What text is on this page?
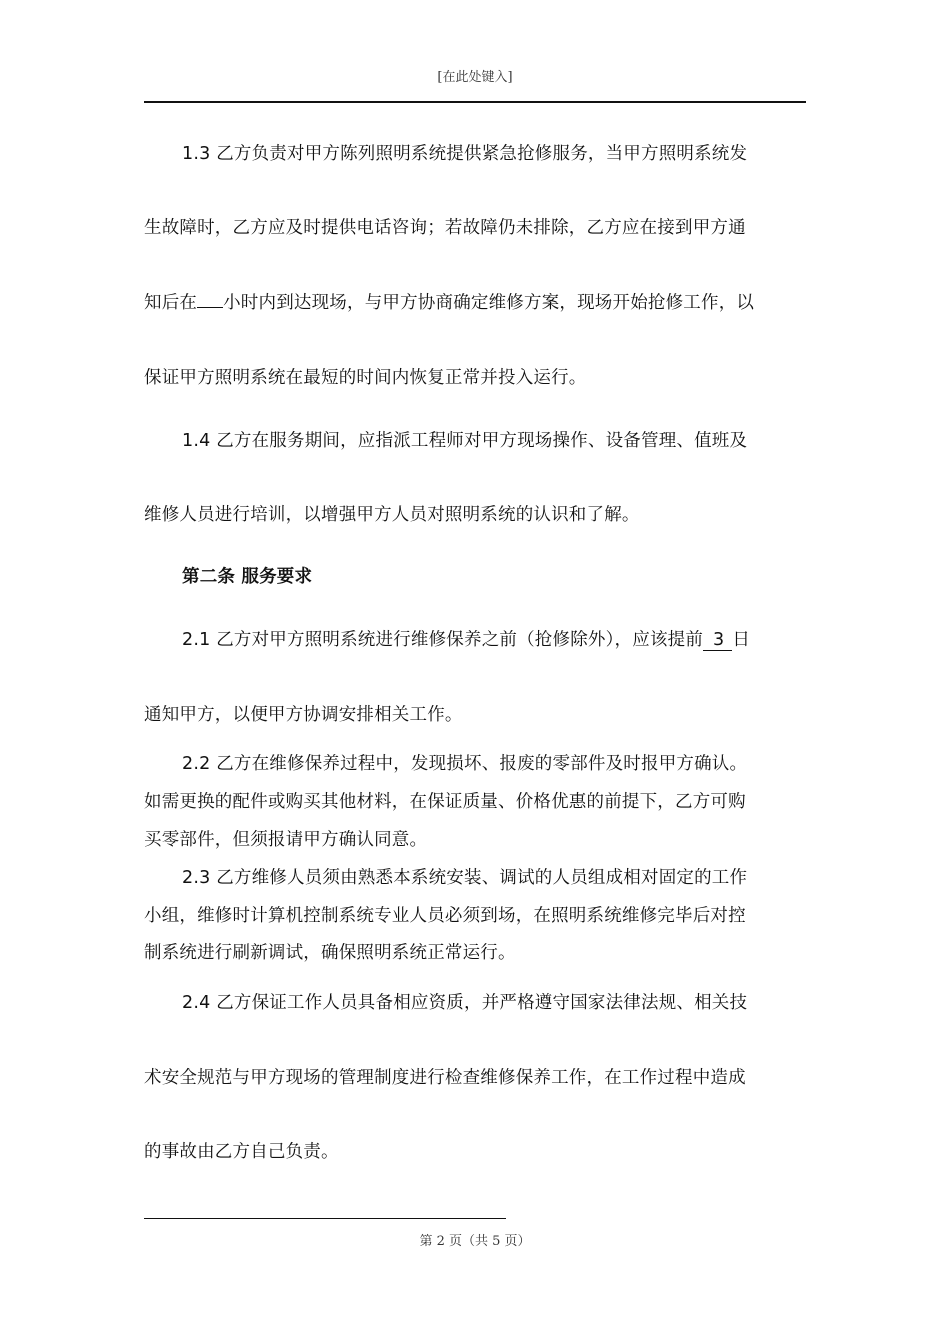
[在此处键入]
1.3 乙方负责对甲方陈列照明系统提供紧急抢修服务，当甲方照明系统发
生故障时，乙方应及时提供电话咨询；若故障仍未排除，乙方应在接到甲方通
知后在 小时内到达现场，与甲方协商确定维修方案，现场开始抢修工作，以
保证甲方照明系统在最短的时间内恢复正常并投入运行。
1.4 乙方在服务期间，应指派工程师对甲方现场操作、设备管理、值班及
维修人员进行培训，以增强甲方人员对照明系统的认识和了解。
第二条 服务要求
2.1 乙方对甲方照明系统进行维修保养之前（抢修除外），应该提前 3 日
通知甲方，以便甲方协调安排相关工作。
2.2 乙方在维修保养过程中，发现损坏、报废的零部件及时报甲方确认。
如需更换的配件或购买其他材料，在保证质量、价格优惠的前提下，乙方可购
买零部件，但须报请甲方确认同意。
2.3 乙方维修人员须由熟悉本系统安装、调试的人员组成相对固定的工作
小组，维修时计算机控制系统专业人员必须到场，在照明系统维修完毕后对控
制系统进行刷新调试，确保照明系统正常运行。
2.4 乙方保证工作人员具备相应资质，并严格遵守国家法律法规、相关技
术安全规范与甲方现场的管理制度进行检查维修保养工作，在工作过程中造成
的事故由乙方自己负责。
第 2 页（共 5 页）
